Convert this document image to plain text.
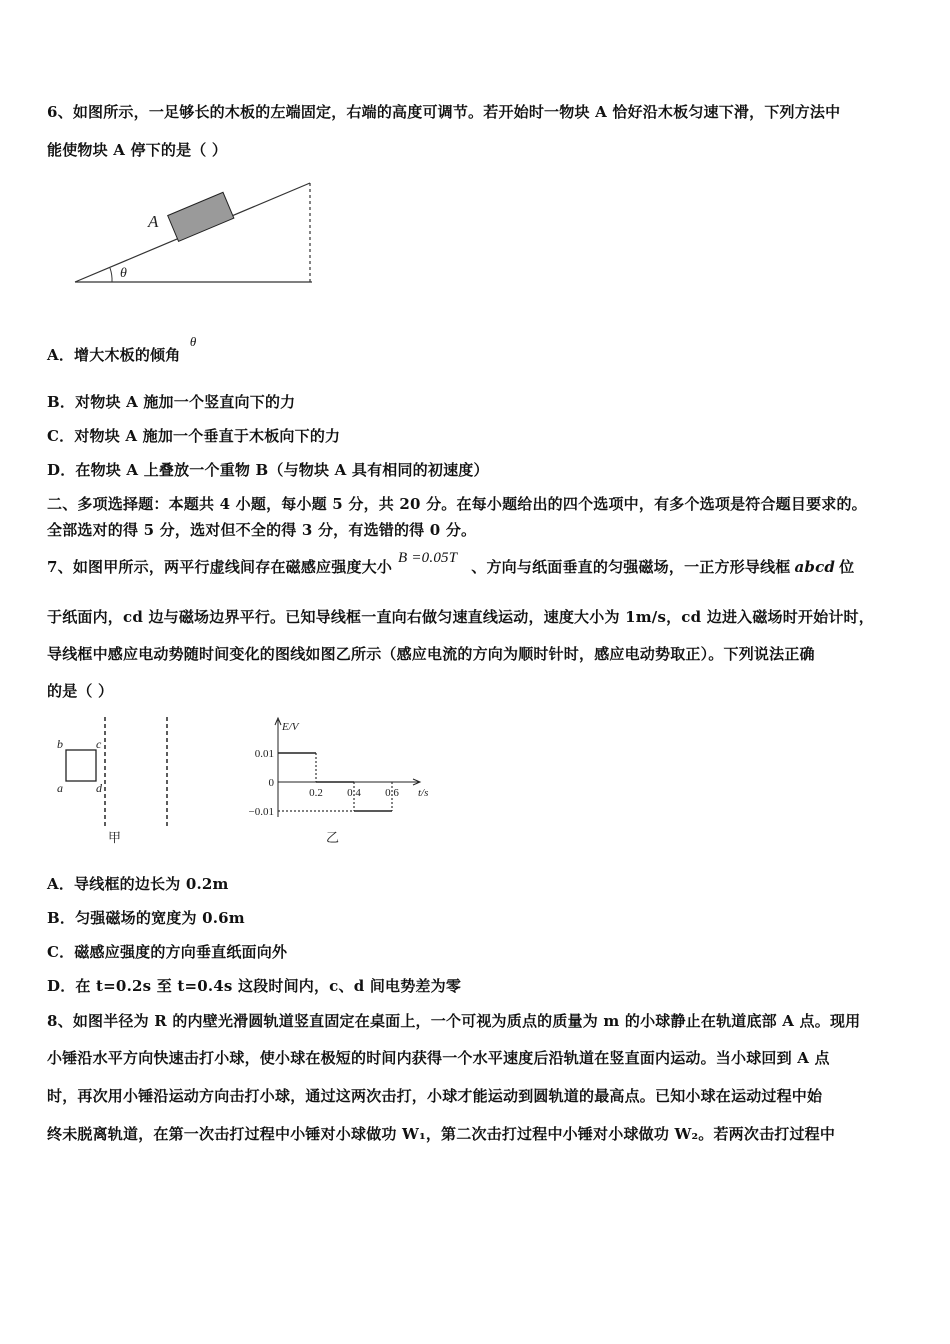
6、如图所示，一足够长的木板的左端固定，右端的高度可调节。若开始时一物块 A 恰好沿木板匀速下滑，下列方法中
能使物块 A 停下的是（ ）
A
θ
A．增大木板的倾角 θ
B．对物块 A 施加一个竖直向下的力
C．对物块 A 施加一个垂直于木板向下的力
D．在物块 A 上叠放一个重物 B（与物块 A 具有相同的初速度）
二、多项选择题：本题共 4 小题，每小题 5 分，共 20 分。在每小题给出的四个选项中，有多个选项是符合题目要求的。
全部选对的得 5 分，选对但不全的得 3 分，有选错的得 0 分。
7、如图甲所示，两平行虚线间存在磁感应强度大小 B =0.05T 、方向与纸面垂直的匀强磁场，一正方形导线框 abcd 位
于纸面内，cd 边与磁场边界平行。已知导线框一直向右做匀速直线运动，速度大小为 1m/s，cd 边进入磁场时开始计时，
导线框中感应电动势随时间变化的图线如图乙所示（感应电流的方向为顺时针时，感应电动势取正）。下列说法正确
的是（ ）
a
b	c
d
甲
E/V
t/s
0.01
0
−0.01
0.2 0.4 0.6
乙
A．导线框的边长为 0.2m
B．匀强磁场的宽度为 0.6m
C．磁感应强度的方向垂直纸面向外
D．在 t=0.2s 至 t=0.4s 这段时间内，c、d 间电势差为零
8、如图半径为 R 的内壁光滑圆轨道竖直固定在桌面上，一个可视为质点的质量为 m 的小球静止在轨道底部 A 点。现用
小锤沿水平方向快速击打小球，使小球在极短的时间内获得一个水平速度后沿轨道在竖直面内运动。当小球回到 A 点
时，再次用小锤沿运动方向击打小球，通过这两次击打，小球才能运动到圆轨道的最高点。已知小球在运动过程中始
终未脱离轨道，在第一次击打过程中小锤对小球做功 W₁，第二次击打过程中小锤对小球做功 W₂。若两次击打过程中
